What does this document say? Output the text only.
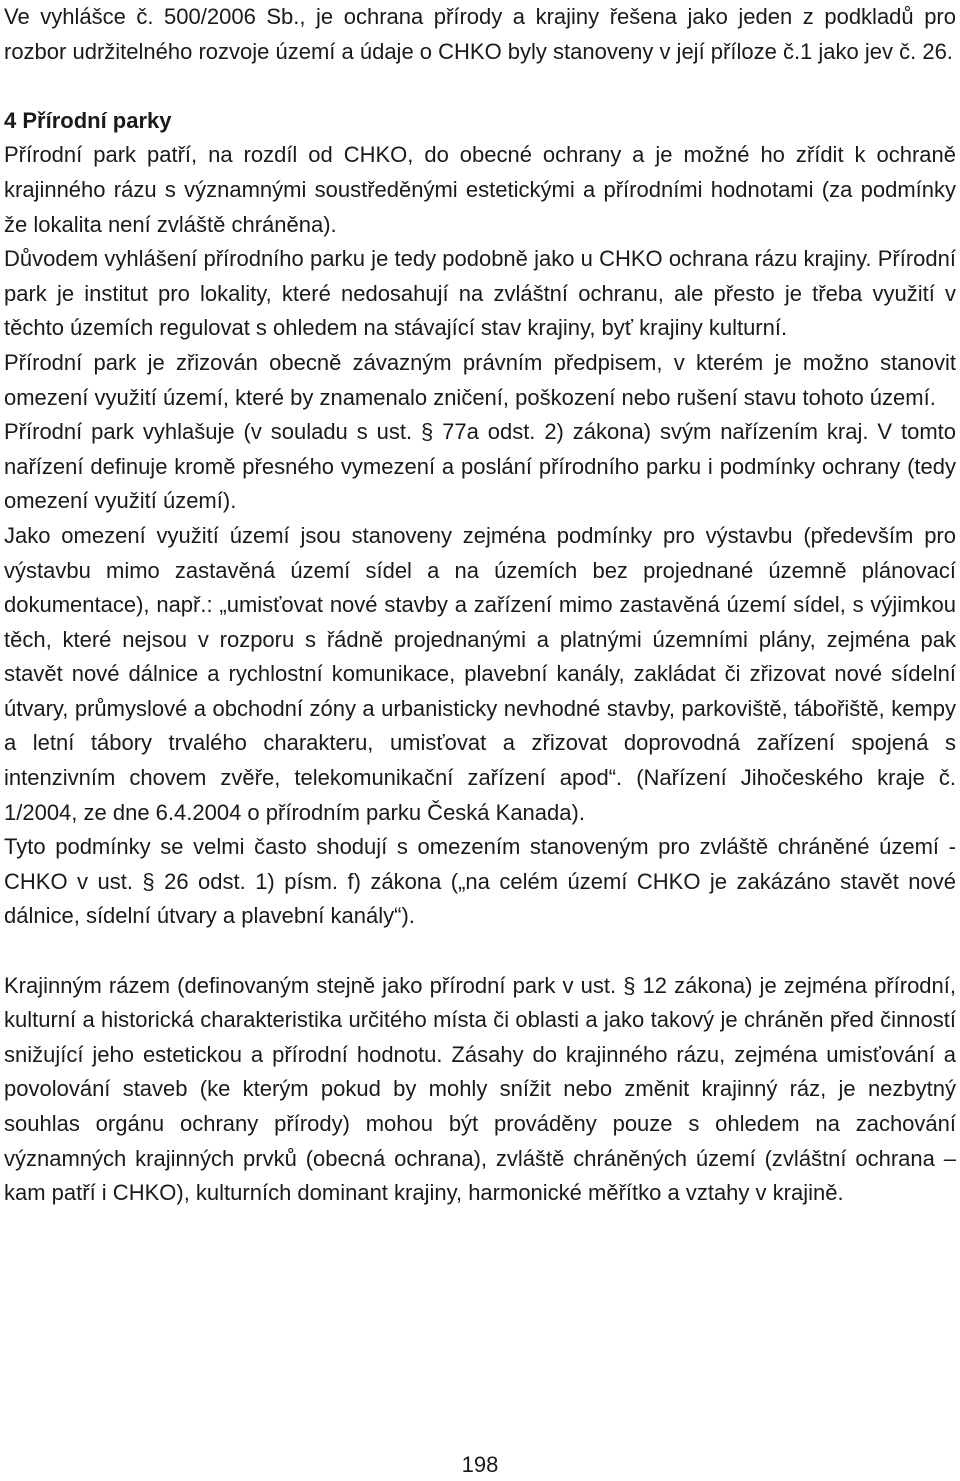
Ve vyhlášce č. 500/2006 Sb., je ochrana přírody a krajiny řešena jako jeden z podkladů pro rozbor udržitelného rozvoje území a údaje o CHKO byly stanoveny v její příloze č.1 jako jev č. 26.

4 Přírodní parky

Přírodní park patří, na rozdíl od CHKO, do obecné ochrany a je možné ho zřídit k ochraně krajinného rázu s významnými soustředěnými estetickými a přírodními hodnotami (za podmínky že lokalita není zvláště chráněna).

Důvodem vyhlášení přírodního parku je tedy podobně jako u CHKO ochrana rázu krajiny. Přírodní park je institut pro lokality, které nedosahují na zvláštní ochranu, ale přesto je třeba využití v těchto územích regulovat s ohledem na stávající stav krajiny, byť krajiny kulturní.

Přírodní park je zřizován obecně závazným právním předpisem, v kterém je možno stanovit omezení využití území, které by znamenalo zničení, poškození nebo rušení stavu tohoto území.

Přírodní park vyhlašuje (v souladu s ust. § 77a odst. 2) zákona) svým nařízením kraj. V tomto nařízení definuje kromě přesného vymezení a poslání přírodního parku i podmínky ochrany (tedy omezení využití území).

Jako omezení využití území jsou stanoveny zejména podmínky pro výstavbu (především pro výstavbu mimo zastavěná území sídel a na územích bez projednané územně plánovací dokumentace), např.: „umisťovat nové stavby a zařízení mimo zastavěná území sídel, s výjimkou těch, které nejsou v rozporu s řádně projednanými a platnými územními plány, zejména pak stavět nové dálnice a rychlostní komunikace, plavební kanály, zakládat či zřizovat nové sídelní útvary, průmyslové a obchodní zóny a urbanisticky nevhodné stavby, parkoviště, tábořiště, kempy a letní tábory trvalého charakteru, umisťovat a zřizovat doprovodná zařízení spojená s intenzivním chovem zvěře, telekomunikační zařízení apod“. (Nařízení Jihočeského kraje č. 1/2004, ze dne 6.4.2004 o přírodním parku Česká Kanada).

Tyto podmínky se velmi často shodují s omezením stanoveným pro zvláště chráněné území - CHKO v ust. § 26 odst. 1) písm. f) zákona („na celém území CHKO je zakázáno stavět nové dálnice, sídelní útvary a plavební kanály“).

Krajinným rázem (definovaným stejně jako přírodní park v ust. § 12 zákona) je zejména přírodní, kulturní a historická charakteristika určitého místa či oblasti a jako takový je chráněn před činností snižující jeho estetickou a přírodní hodnotu. Zásahy do krajinného rázu, zejména umisťování a povolování staveb (ke kterým pokud by mohly snížit nebo změnit krajinný ráz, je nezbytný souhlas orgánu ochrany přírody) mohou být prováděny pouze s ohledem na zachování významných krajinných prvků (obecná ochrana), zvláště chráněných území (zvláštní ochrana – kam patří i CHKO), kulturních dominant krajiny, harmonické měřítko a vztahy v krajině.

198
